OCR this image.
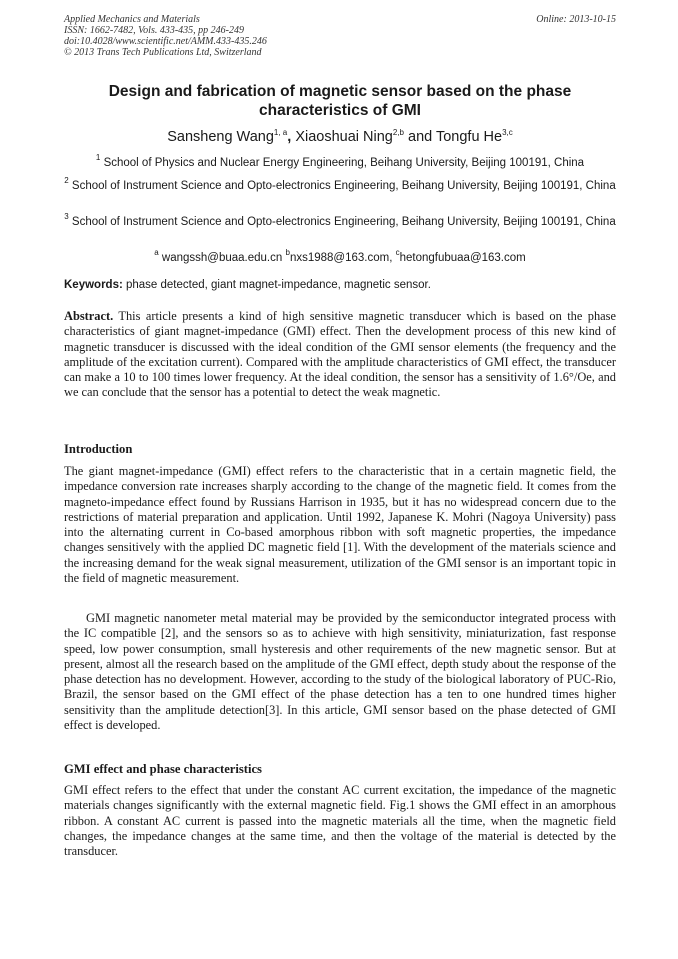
Applied Mechanics and Materials
ISSN: 1662-7482, Vols. 433-435, pp 246-249
doi:10.4028/www.scientific.net/AMM.433-435.246
© 2013 Trans Tech Publications Ltd, Switzerland
Online: 2013-10-15
Design and fabrication of magnetic sensor based on the phase characteristics of GMI
Sansheng Wang$^{1, a}$, Xiaoshuai Ning$^{2,b}$ and Tongfu He$^{3,c}$
$^1$ School of Physics and Nuclear Energy Engineering, Beihang University, Beijing 100191, China
$^2$ School of Instrument Science and Opto-electronics Engineering, Beihang University, Beijing 100191, China
$^3$ School of Instrument Science and Opto-electronics Engineering, Beihang University, Beijing 100191, China
$^a$ wangssh@buaa.edu.cn $^b$nxs1988@163.com, $^c$hetongfubuaa@163.com
Keywords: phase detected, giant magnet-impedance, magnetic sensor.

Abstract. This article presents a kind of high sensitive magnetic transducer which is based on the phase characteristics of giant magnet-impedance (GMI) effect. Then the development process of this new kind of magnetic transducer is discussed with the ideal condition of the GMI sensor elements (the frequency and the amplitude of the excitation current). Compared with the amplitude characteristics of GMI effect, the transducer can make a 10 to 100 times lower frequency. At the ideal condition, the sensor has a sensitivity of 1.6°/Oe, and we can conclude that the sensor has a potential to detect the weak magnetic.

Introduction

The giant magnet-impedance (GMI) effect refers to the characteristic that in a certain magnetic field, the impedance conversion rate increases sharply according to the change of the magnetic field. It comes from the magneto-impedance effect found by Russians Harrison in 1935, but it has no widespread concern due to the restrictions of material preparation and application. Until 1992, Japanese K. Mohri (Nagoya University) pass into the alternating current in Co-based amorphous ribbon with soft magnetic properties, the impedance changes sensitively with the applied DC magnetic field [1]. With the development of the materials science and the increasing demand for the weak signal measurement, utilization of the GMI sensor is an important topic in the field of magnetic measurement.

GMI magnetic nanometer metal material may be provided by the semiconductor integrated process with the IC compatible [2], and the sensors so as to achieve with high sensitivity, miniaturization, fast response speed, low power consumption, small hysteresis and other requirements of the new magnetic sensor. But at present, almost all the research based on the amplitude of the GMI effect, depth study about the response of the phase detection has no development. However, according to the study of the biological laboratory of PUC-Rio, Brazil, the sensor based on the GMI effect of the phase detection has a ten to one hundred times higher sensitivity than the amplitude detection[3]. In this article, GMI sensor based on the phase detected of GMI effect is developed.

GMI effect and phase characteristics

GMI effect refers to the effect that under the constant AC current excitation, the impedance of the magnetic materials changes significantly with the external magnetic field. Fig.1 shows the GMI effect in an amorphous ribbon. A constant AC current is passed into the magnetic materials all the time, when the magnetic field changes, the impedance changes at the same time, and then the voltage of the material is detected by the transducer.
